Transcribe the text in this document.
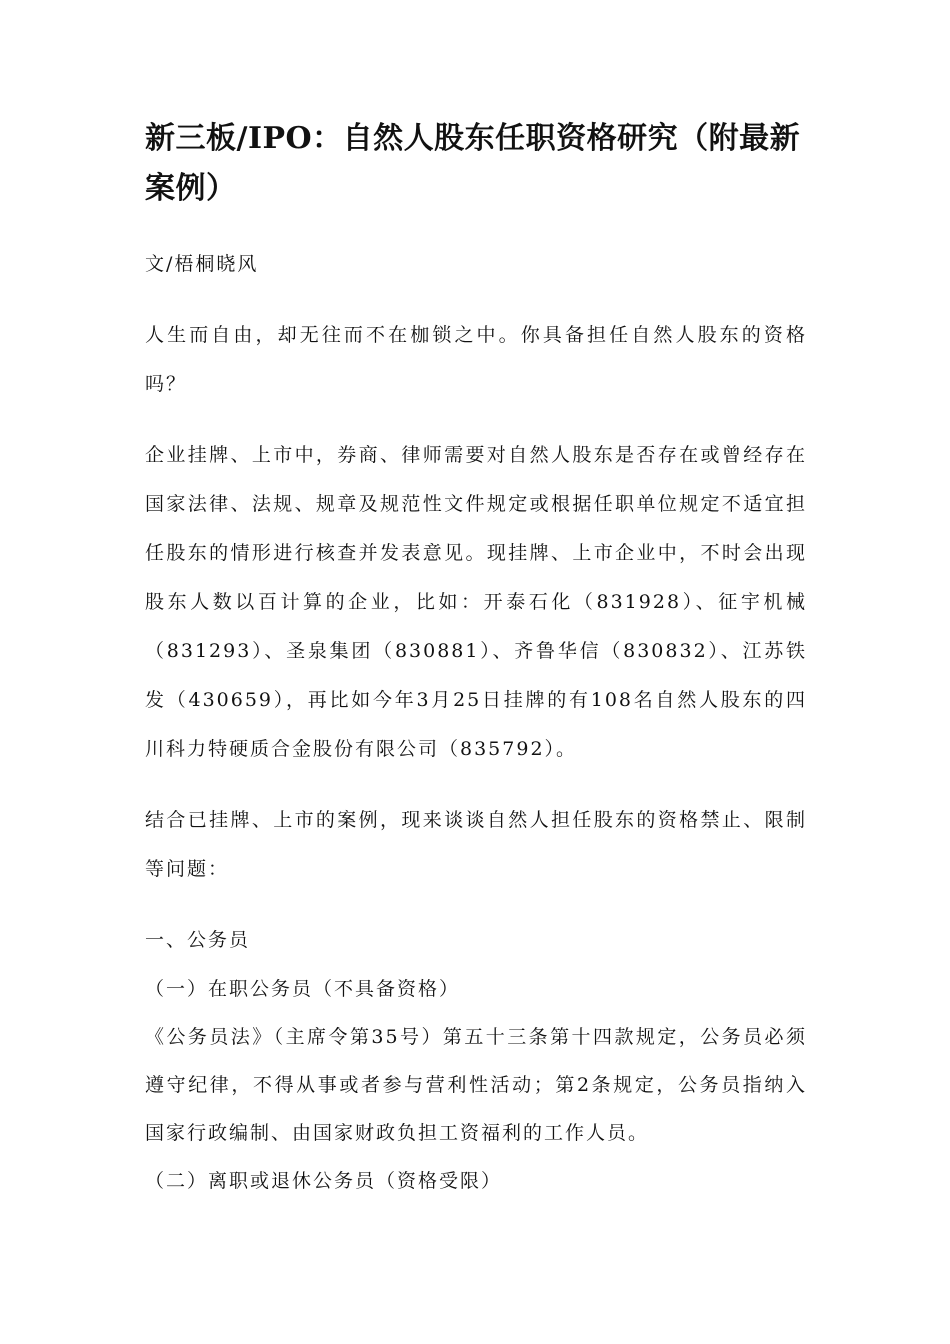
新三板/IPO：自然人股东任职资格研究（附最新案例）

文/梧桐晓风

人生而自由，却无往而不在枷锁之中。你具备担任自然人股东的资格吗？

企业挂牌、上市中，券商、律师需要对自然人股东是否存在或曾经存在国家法律、法规、规章及规范性文件规定或根据任职单位规定不适宜担任股东的情形进行核查并发表意见。现挂牌、上市企业中，不时会出现股东人数以百计算的企业，比如：开泰石化（831928）、征宇机械（831293）、圣泉集团（830881）、齐鲁华信（830832）、江苏铁发（430659），再比如今年3月25日挂牌的有108名自然人股东的四川科力特硬质合金股份有限公司（835792）。

结合已挂牌、上市的案例，现来谈谈自然人担任股东的资格禁止、限制等问题：

一、公务员

（一）在职公务员（不具备资格）

《公务员法》（主席令第35号）第五十三条第十四款规定，公务员必须遵守纪律，不得从事或者参与营利性活动；第2条规定，公务员指纳入国家行政编制、由国家财政负担工资福利的工作人员。

（二）离职或退休公务员（资格受限）
